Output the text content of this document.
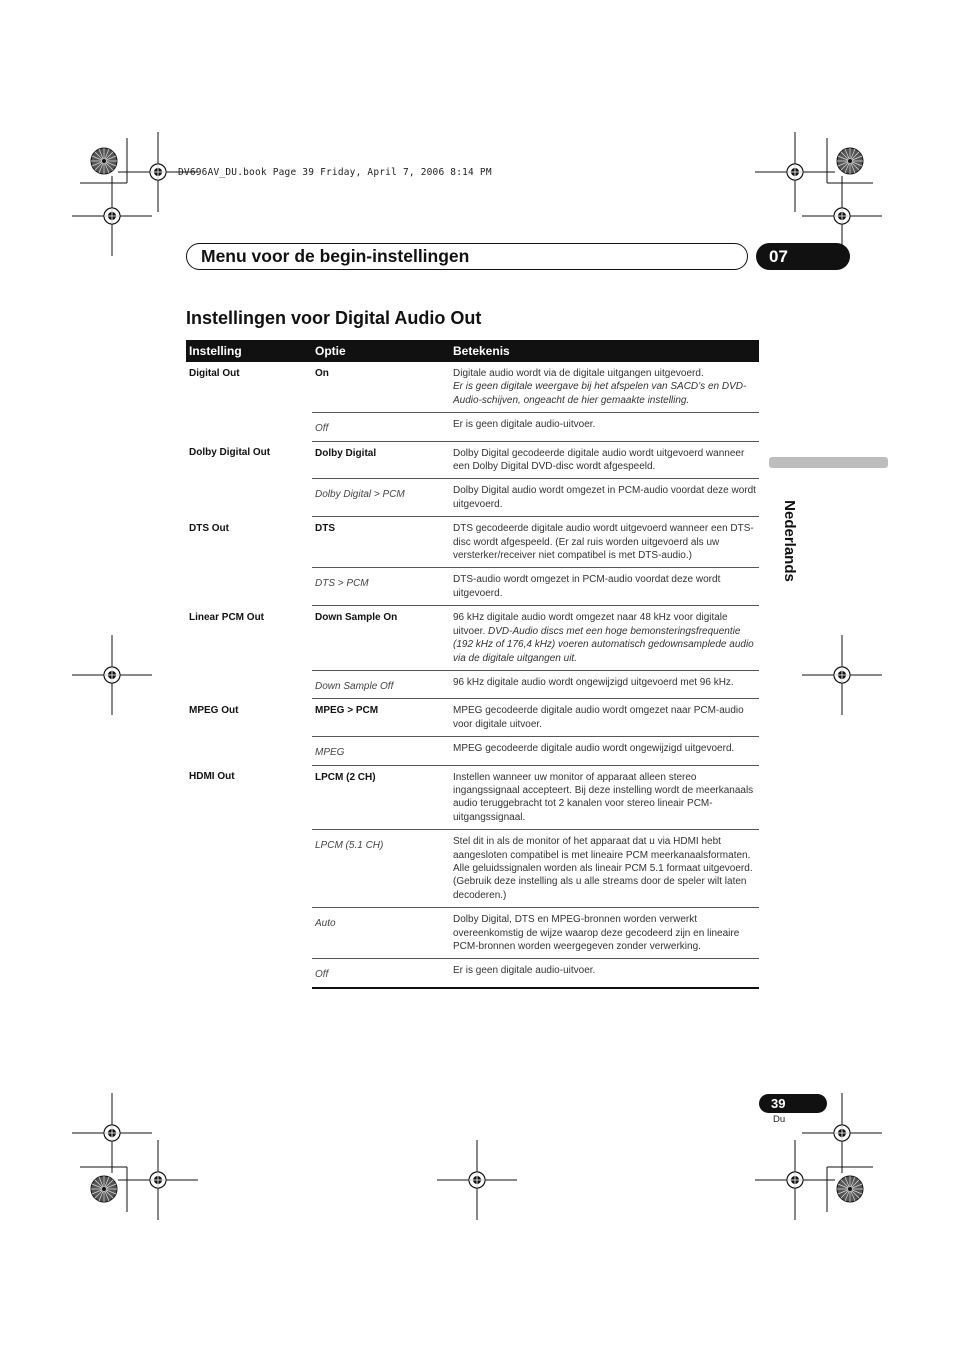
DV696AV_DU.book Page 39 Friday, April 7, 2006 8:14 PM
Menu voor de begin-instellingen	07
Instellingen voor Digital Audio Out
Nederlands
Instelling	Optie	Betekenis
Digital Out	On	Digitale audio wordt via de digitale uitgangen uitgevoerd.
Er is geen digitale weergave bij het afspelen van SACD’s en DVD-Audio-schijven, ongeacht de hier gemaakte instelling.

	Off	Er is geen digitale audio-uitvoer.
Dolby Digital Out	Dolby Digital	Dolby Digital gecodeerde digitale audio wordt uitgevoerd wanneer een Dolby Digital DVD-disc wordt afgespeeld.
	Dolby Digital > PCM	Dolby Digital audio wordt omgezet in PCM-audio voordat deze wordt uitgevoerd.
DTS Out	DTS	DTS gecodeerde digitale audio wordt uitgevoerd wanneer een DTS-disc wordt afgespeeld. (Er zal ruis worden uitgevoerd als uw versterker/receiver niet compatibel is met DTS-audio.)
	DTS > PCM	DTS-audio wordt omgezet in PCM-audio voordat deze wordt uitgevoerd.
Linear PCM Out	Down Sample On	96 kHz digitale audio wordt omgezet naar 48 kHz voor digitale uitvoer. DVD-Audio discs met een hoge bemonsteringsfrequentie (192 kHz of 176,4 kHz) voeren automatisch gedownsamplede audio via de digitale uitgangen uit.
	Down Sample Off	96 kHz digitale audio wordt ongewijzigd uitgevoerd met 96 kHz.
MPEG Out	MPEG > PCM	MPEG gecodeerde digitale audio wordt omgezet naar PCM-audio voor digitale uitvoer.
	MPEG	MPEG gecodeerde digitale audio wordt ongewijzigd uitgevoerd.
HDMI Out	LPCM (2 CH)	Instellen wanneer uw monitor of apparaat alleen stereo ingangssignaal accepteert. Bij deze instelling wordt de meerkanaals audio teruggebracht tot 2 kanalen voor stereo lineair PCM-uitgangssignaal.
	LPCM (5.1 CH)	Stel dit in als de monitor of het apparaat dat u via HDMI hebt aangesloten compatibel is met lineaire PCM meerkanaalsformaten. Alle geluidssignalen worden als lineair PCM 5.1 formaat uitgevoerd. (Gebruik deze instelling als u alle streams door de speler wilt laten decoderen.)
	Auto	Dolby Digital, DTS en MPEG-bronnen worden verwerkt overeenkomstig de wijze waarop deze gecodeerd zijn en lineaire PCM-bronnen worden weergegeven zonder verwerking.
	Off	Er is geen digitale audio-uitvoer.
39
Du
